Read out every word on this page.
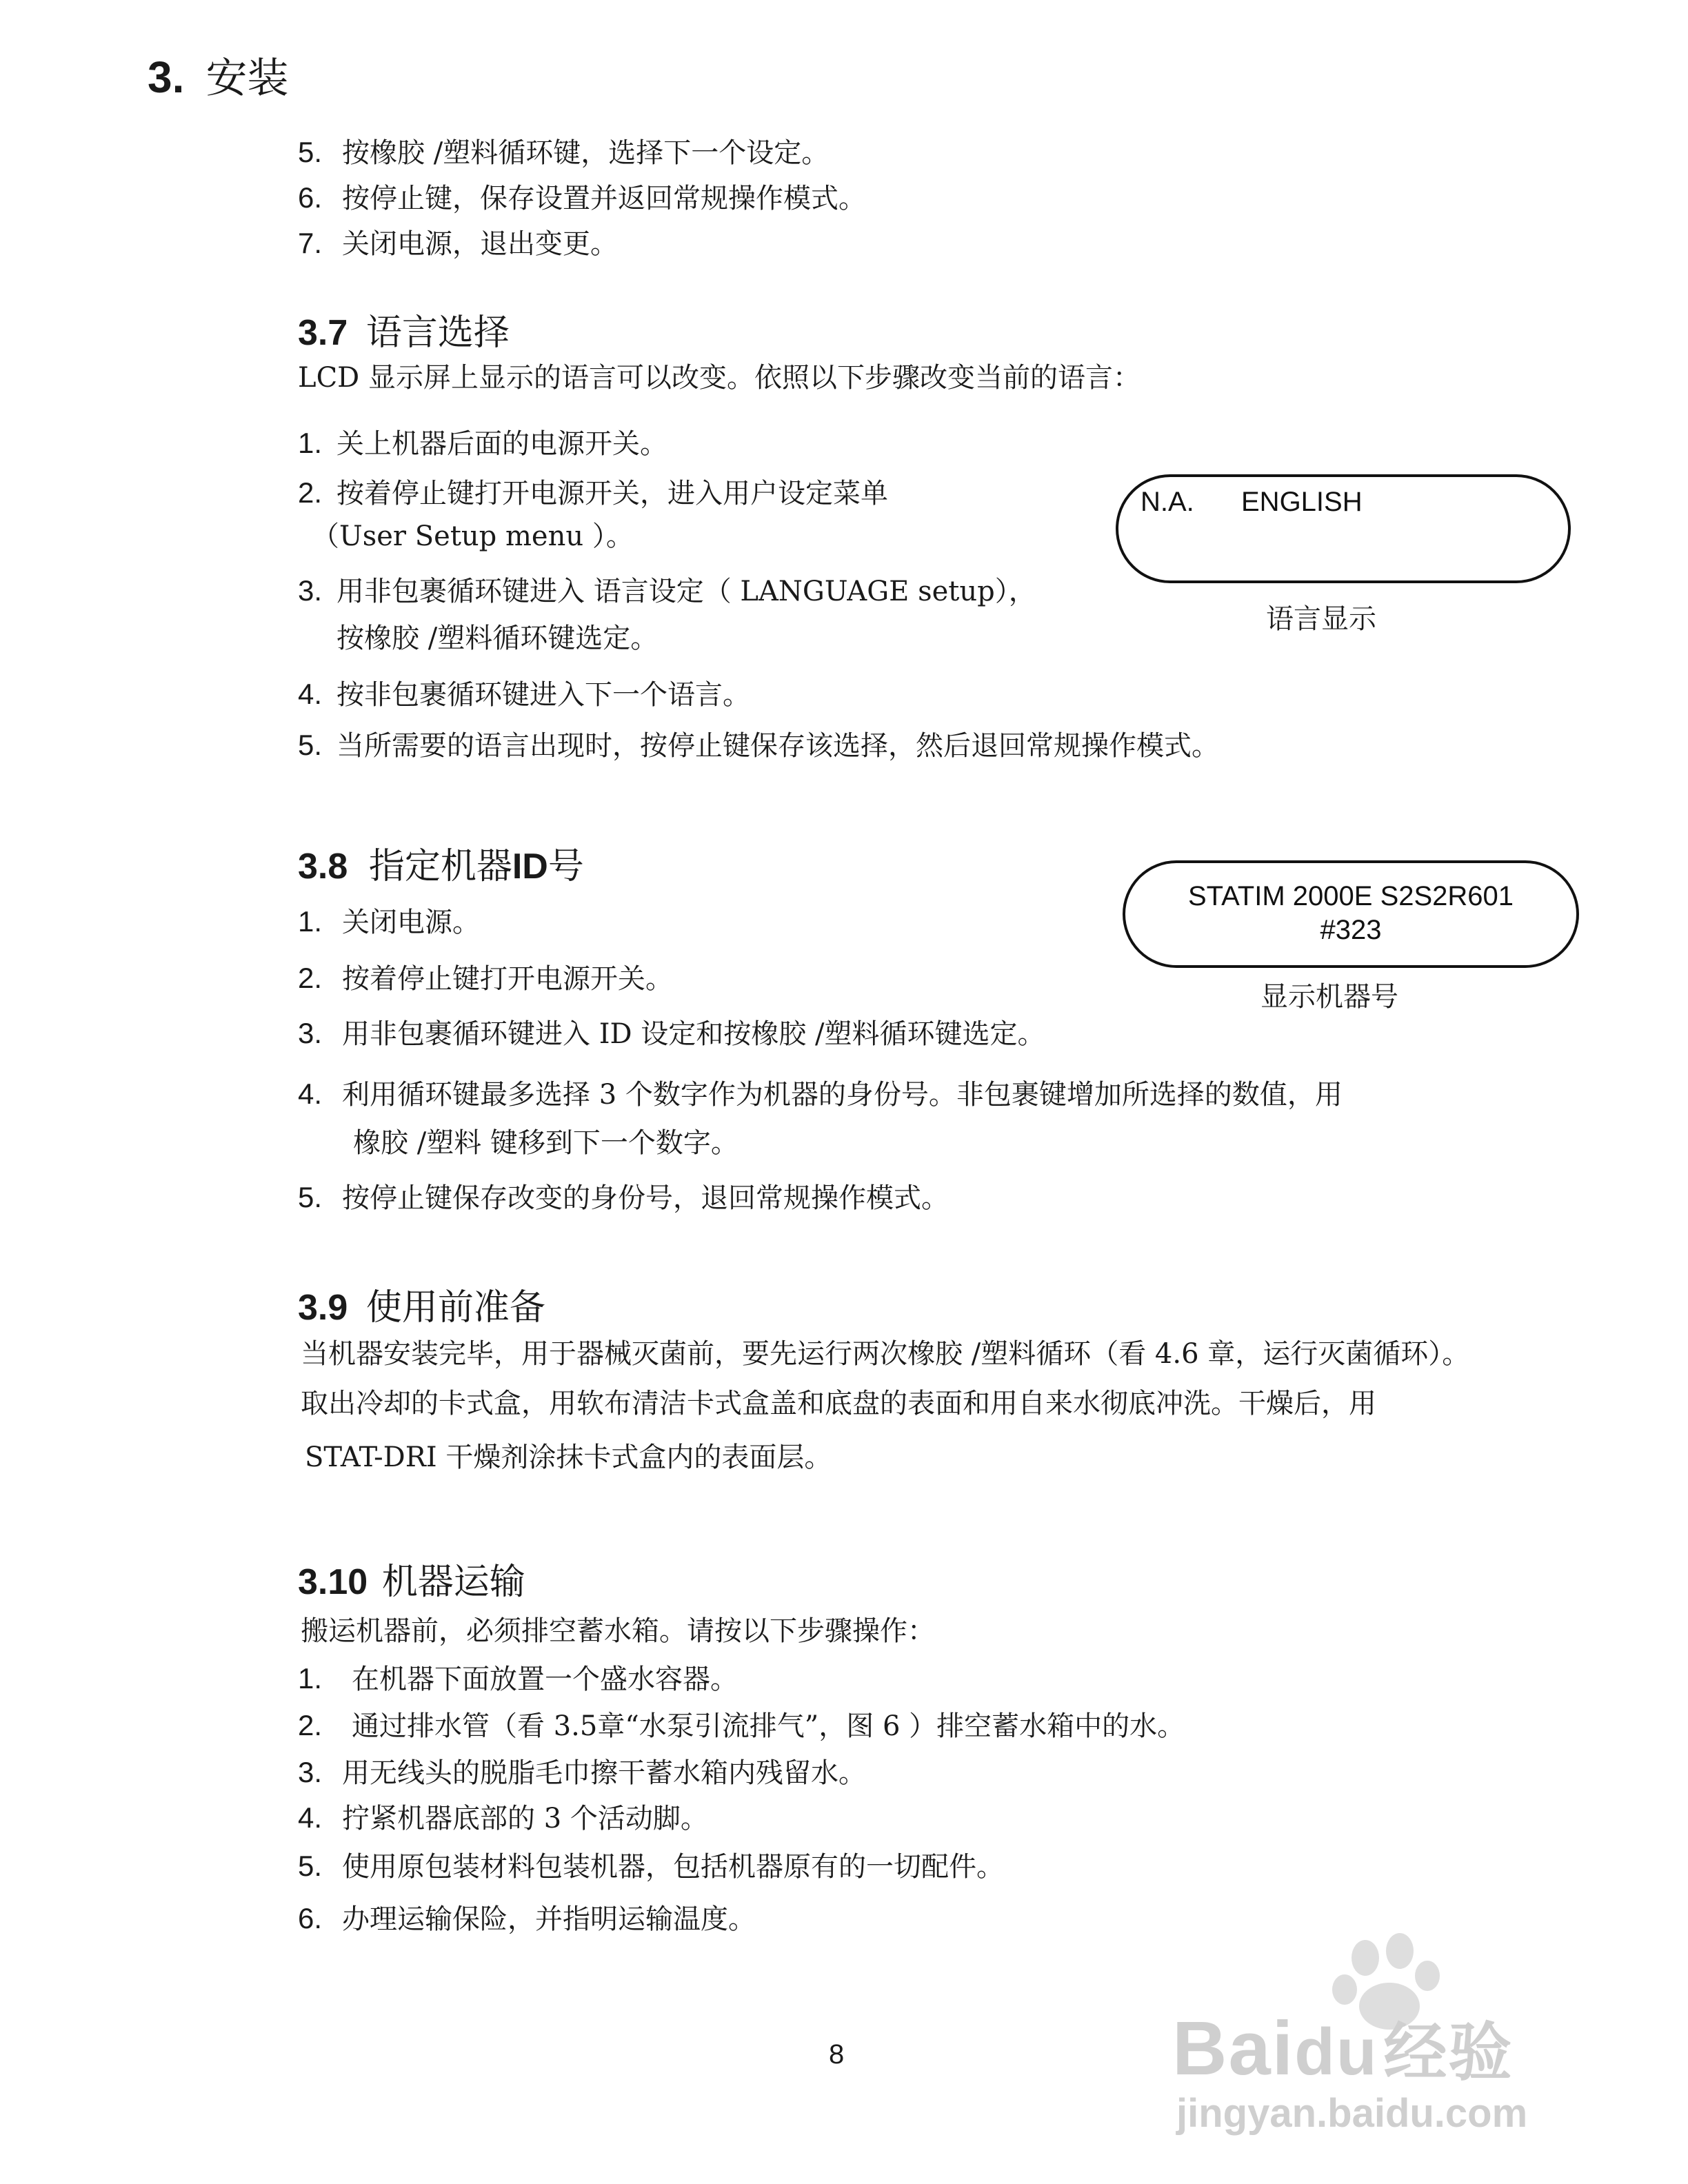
3. 安装
5. 按橡胶 /塑料循环键，选择下一个设定。
6. 按停止键，保存设置并返回常规操作模式。
7. 关闭电源，退出变更。
3.7 语言选择
LCD 显示屏上显示的语言可以改变。依照以下步骤改变当前的语言：
1. 关上机器后面的电源开关。
2. 按着停止键打开电源开关，进入用户设定菜单
（User Setup menu ）。
3. 用非包裹循环键进入 语言设定（ LANGUAGE setup），
按橡胶 /塑料循环键选定。
4. 按非包裹循环键进入下一个语言。
5. 当所需要的语言出现时，按停止键保存该选择，然后退回常规操作模式。
N.A. ENGLISH
语言显示
3.8 指定机器ID号
1. 关闭电源。
2. 按着停止键打开电源开关。
3. 用非包裹循环键进入 ID 设定和按橡胶 /塑料循环键选定。
4. 利用循环键最多选择 3 个数字作为机器的身份号。非包裹键增加所选择的数值，用
橡胶 /塑料 键移到下一个数字。
5. 按停止键保存改变的身份号，退回常规操作模式。
STATIM 2000E S2S2R601
#323
显示机器号
3.9 使用前准备
当机器安装完毕，用于器械灭菌前，要先运行两次橡胶 /塑料循环（看 4.6 章，运行灭菌循环）。
取出冷却的卡式盒，用软布清洁卡式盒盖和底盘的表面和用自来水彻底冲洗。干燥后，用
STAT-DRI 干燥剂涂抹卡式盒内的表面层。
3.10 机器运输
搬运机器前，必须排空蓄水箱。请按以下步骤操作：
1. 在机器下面放置一个盛水容器。
2. 通过排水管（看 3.5章“水泵引流排气”，图 6 ）排空蓄水箱中的水。
3. 用无线头的脱脂毛巾擦干蓄水箱内残留水。
4. 拧紧机器底部的 3 个活动脚。
5. 使用原包装材料包装机器，包括机器原有的一切配件。
6. 办理运输保险，并指明运输温度。
8	Baidu经验
jingyan.baidu.com
